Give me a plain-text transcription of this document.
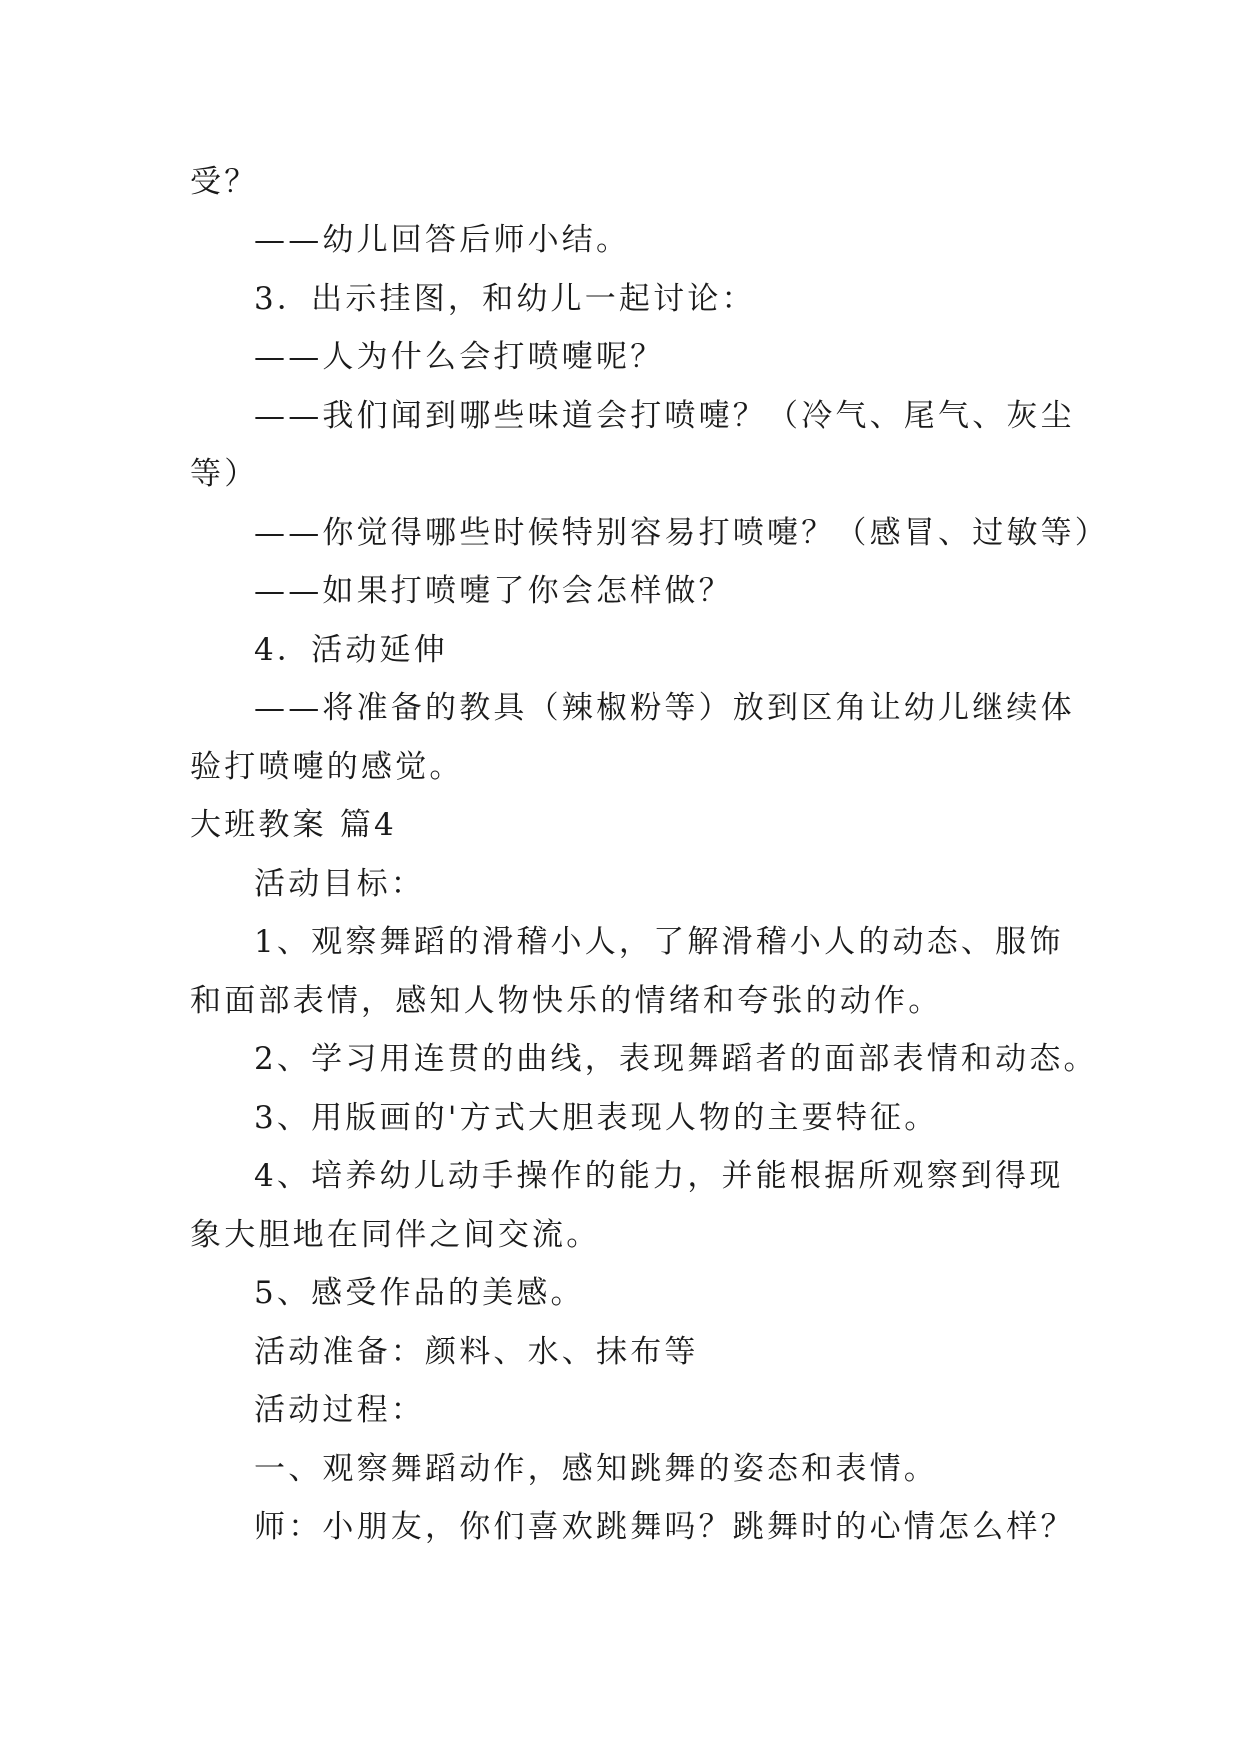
受？
——幼儿回答后师小结。
3．出示挂图，和幼儿一起讨论：
——人为什么会打喷嚏呢？
——我们闻到哪些味道会打喷嚏？（冷气、尾气、灰尘
等）
——你觉得哪些时候特别容易打喷嚏？（感冒、过敏等）
——如果打喷嚏了你会怎样做？
4．活动延伸
——将准备的教具（辣椒粉等）放到区角让幼儿继续体
验打喷嚏的感觉。
大班教案 篇4
活动目标：
1、观察舞蹈的滑稽小人，了解滑稽小人的动态、服饰
和面部表情，感知人物快乐的情绪和夸张的动作。
2、学习用连贯的曲线，表现舞蹈者的面部表情和动态。
3、用版画的'方式大胆表现人物的主要特征。
4、培养幼儿动手操作的能力，并能根据所观察到得现
象大胆地在同伴之间交流。
5、感受作品的美感。
活动准备：颜料、水、抹布等
活动过程：
一、观察舞蹈动作，感知跳舞的姿态和表情。
师：小朋友，你们喜欢跳舞吗？跳舞时的心情怎么样？
